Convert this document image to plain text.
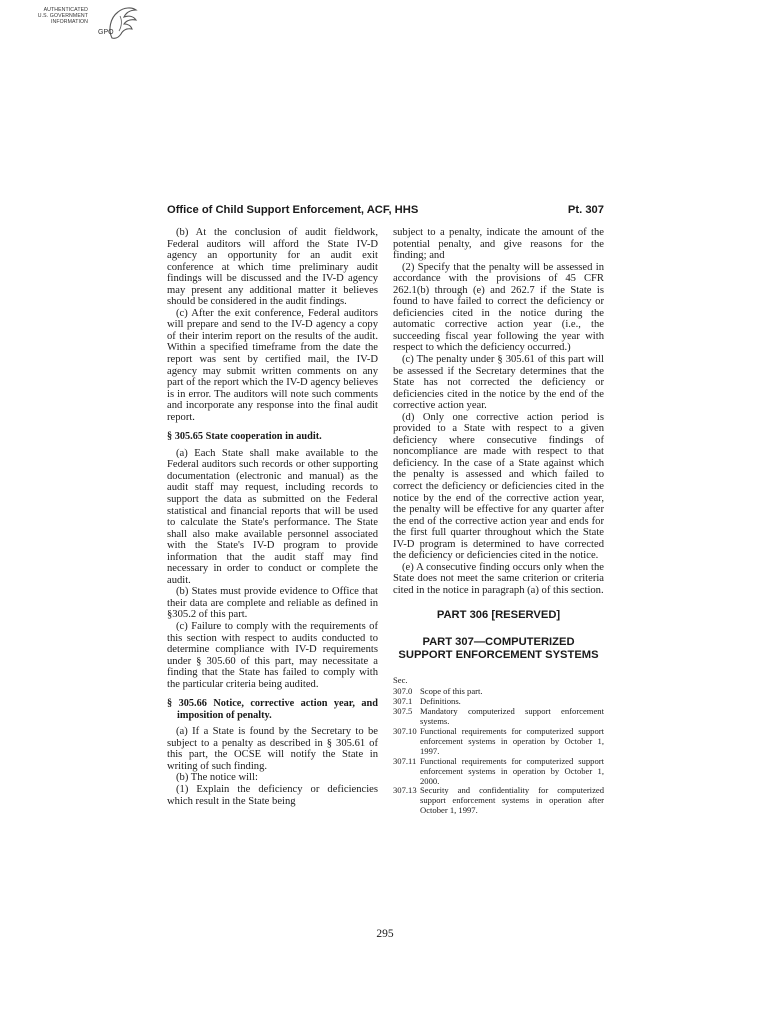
AUTHENTICATED
U.S. GOVERNMENT
INFORMATION
GPO
Office of Child Support Enforcement, ACF, HHS	Pt. 307

(b) At the conclusion of audit fieldwork, Federal auditors will afford the State IV-D agency an opportunity for an audit exit conference at which time preliminary audit findings will be discussed and the IV-D agency may present any additional matter it believes should be considered in the audit findings.

(c) After the exit conference, Federal auditors will prepare and send to the IV-D agency a copy of their interim report on the results of the audit. Within a specified timeframe from the date the report was sent by certified mail, the IV-D agency may submit written comments on any part of the report which the IV-D agency believes is in error. The auditors will note such comments and incorporate any response into the final audit report.

§ 305.65 State cooperation in audit.

(a) Each State shall make available to the Federal auditors such records or other supporting documentation (electronic and manual) as the audit staff may request, including records to support the data as submitted on the Federal statistical and financial reports that will be used to calculate the State's performance. The State shall also make available personnel associated with the State's IV-D program to provide information that the audit staff may find necessary in order to conduct or complete the audit.

(b) States must provide evidence to Office that their data are complete and reliable as defined in §305.2 of this part.

(c) Failure to comply with the requirements of this section with respect to audits conducted to determine compliance with IV-D requirements under § 305.60 of this part, may necessitate a finding that the State has failed to comply with the particular criteria being audited.

§ 305.66 Notice, corrective action year, and imposition of penalty.

(a) If a State is found by the Secretary to be subject to a penalty as described in § 305.61 of this part, the OCSE will notify the State in writing of such finding.

(b) The notice will:

(1) Explain the deficiency or deficiencies which result in the State being

subject to a penalty, indicate the amount of the potential penalty, and give reasons for the finding; and

(2) Specify that the penalty will be assessed in accordance with the provisions of 45 CFR 262.1(b) through (e) and 262.7 if the State is found to have failed to correct the deficiency or deficiencies cited in the notice during the automatic corrective action year (i.e., the succeeding fiscal year following the year with respect to which the deficiency occurred.)

(c) The penalty under § 305.61 of this part will be assessed if the Secretary determines that the State has not corrected the deficiency or deficiencies cited in the notice by the end of the corrective action year.

(d) Only one corrective action period is provided to a State with respect to a given deficiency where consecutive findings of noncompliance are made with respect to that deficiency. In the case of a State against which the penalty is assessed and which failed to correct the deficiency or deficiencies cited in the notice by the end of the corrective action year, the penalty will be effective for any quarter after the end of the corrective action year and ends for the first full quarter throughout which the State IV-D program is determined to have corrected the deficiency or deficiencies cited in the notice.

(e) A consecutive finding occurs only when the State does not meet the same criterion or criteria cited in the notice in paragraph (a) of this section.

PART 306 [RESERVED]
PART 307—COMPUTERIZED
SUPPORT ENFORCEMENT SYSTEMS
Sec.
307.0 Scope of this part.
307.1 Definitions.
307.5 Mandatory computerized support enforcement systems.
307.10 Functional requirements for computerized support enforcement systems in operation by October 1, 1997.
307.11 Functional requirements for computerized support enforcement systems in operation by October 1, 2000.
307.13 Security and confidentiality for computerized support enforcement systems in operation after October 1, 1997.
295
